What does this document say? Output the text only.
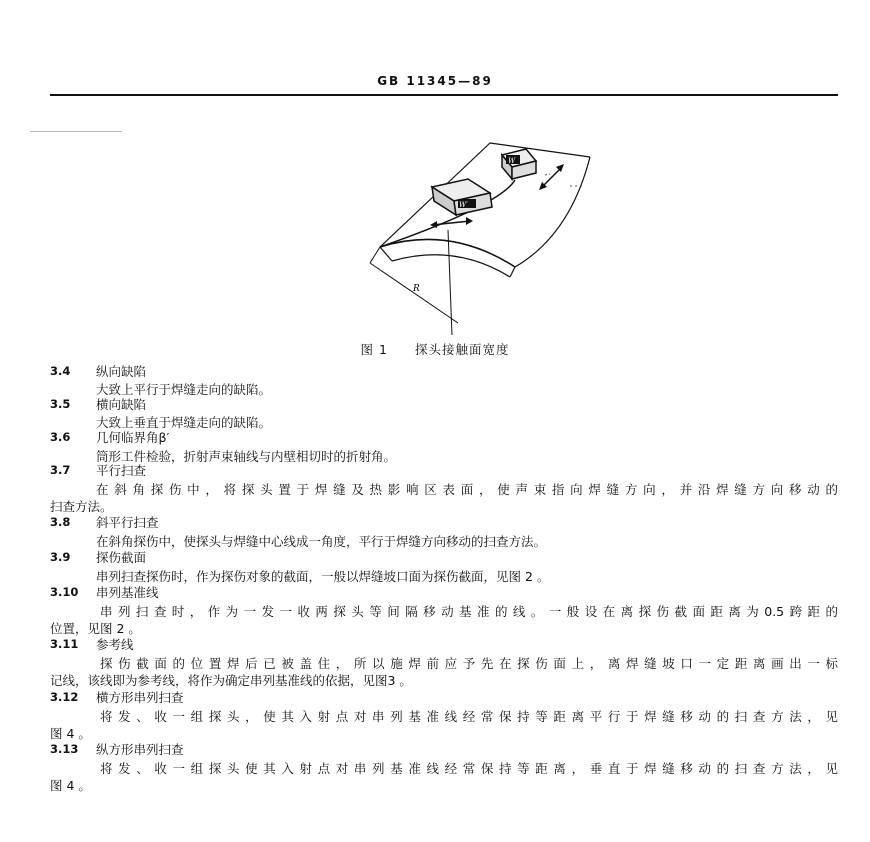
GB 11345—89
R
W′
W
图 1　　探头接触面宽度
3.4 纵向缺陷
大致上平行于焊缝走向的缺陷。
3.5 横向缺陷
大致上垂直于焊缝走向的缺陷。
3.6 几何临界角β′
筒形工件检验，折射声束轴线与内壁相切时的折射角。
3.7 平行扫查
在斜角探伤中，将探头置于焊缝及热影响区表面，使声束指向焊缝方向，并沿焊缝方向移动的
扫查方法。
3.8 斜平行扫查
在斜角探伤中，使探头与焊缝中心线成一角度，平行于焊缝方向移动的扫查方法。
3.9 探伤截面
串列扫查探伤时，作为探伤对象的截面，一般以焊缝坡口面为探伤截面，见图 2 。
3.10 串列基准线
串列扫查时，作为一发一收两探头等间隔移动基准的线。一般设在离探伤截面距离为0.5跨距的
位置，见图 2 。
3.11 参考线
探伤截面的位置焊后已被盖住，所以施焊前应予先在探伤面上，离焊缝坡口一定距离画出一标
记线，该线即为参考线，将作为确定串列基准线的依据，见图3 。
3.12 横方形串列扫查
将发、收一组探头，使其入射点对串列基准线经常保持等距离平行于焊缝移动的扫查方法，见
图 4 。
3.13 纵方形串列扫查
将发、收一组探头使其入射点对串列基准线经常保持等距离，垂直于焊缝移动的扫查方法，见
图 4 。
